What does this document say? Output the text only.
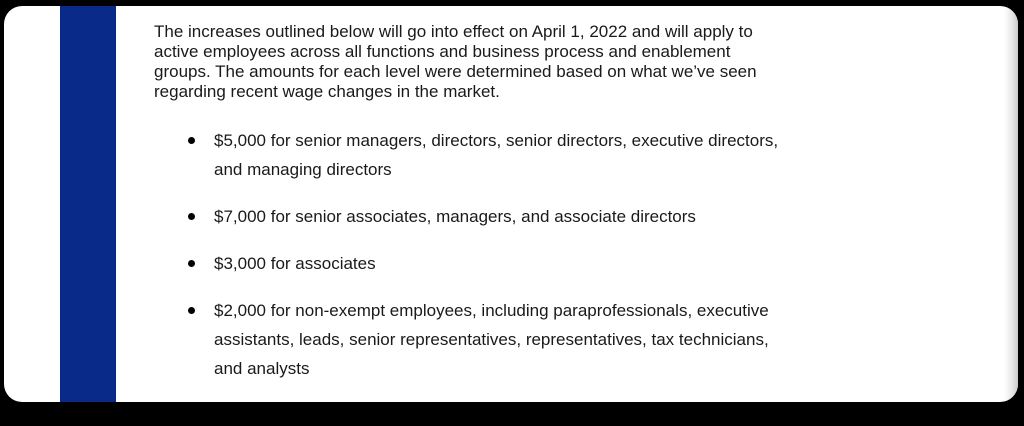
The increases outlined below will go into effect on April 1, 2022 and will apply to
active employees across all functions and business process and enablement
groups. The amounts for each level were determined based on what we’ve seen
regarding recent wage changes in the market.

$5,000 for senior managers, directors, senior directors, executive directors,
and managing directors
$7,000 for senior associates, managers, and associate directors
$3,000 for associates
$2,000 for non-exempt employees, including paraprofessionals, executive
assistants, leads, senior representatives, representatives, tax technicians,
and analysts
